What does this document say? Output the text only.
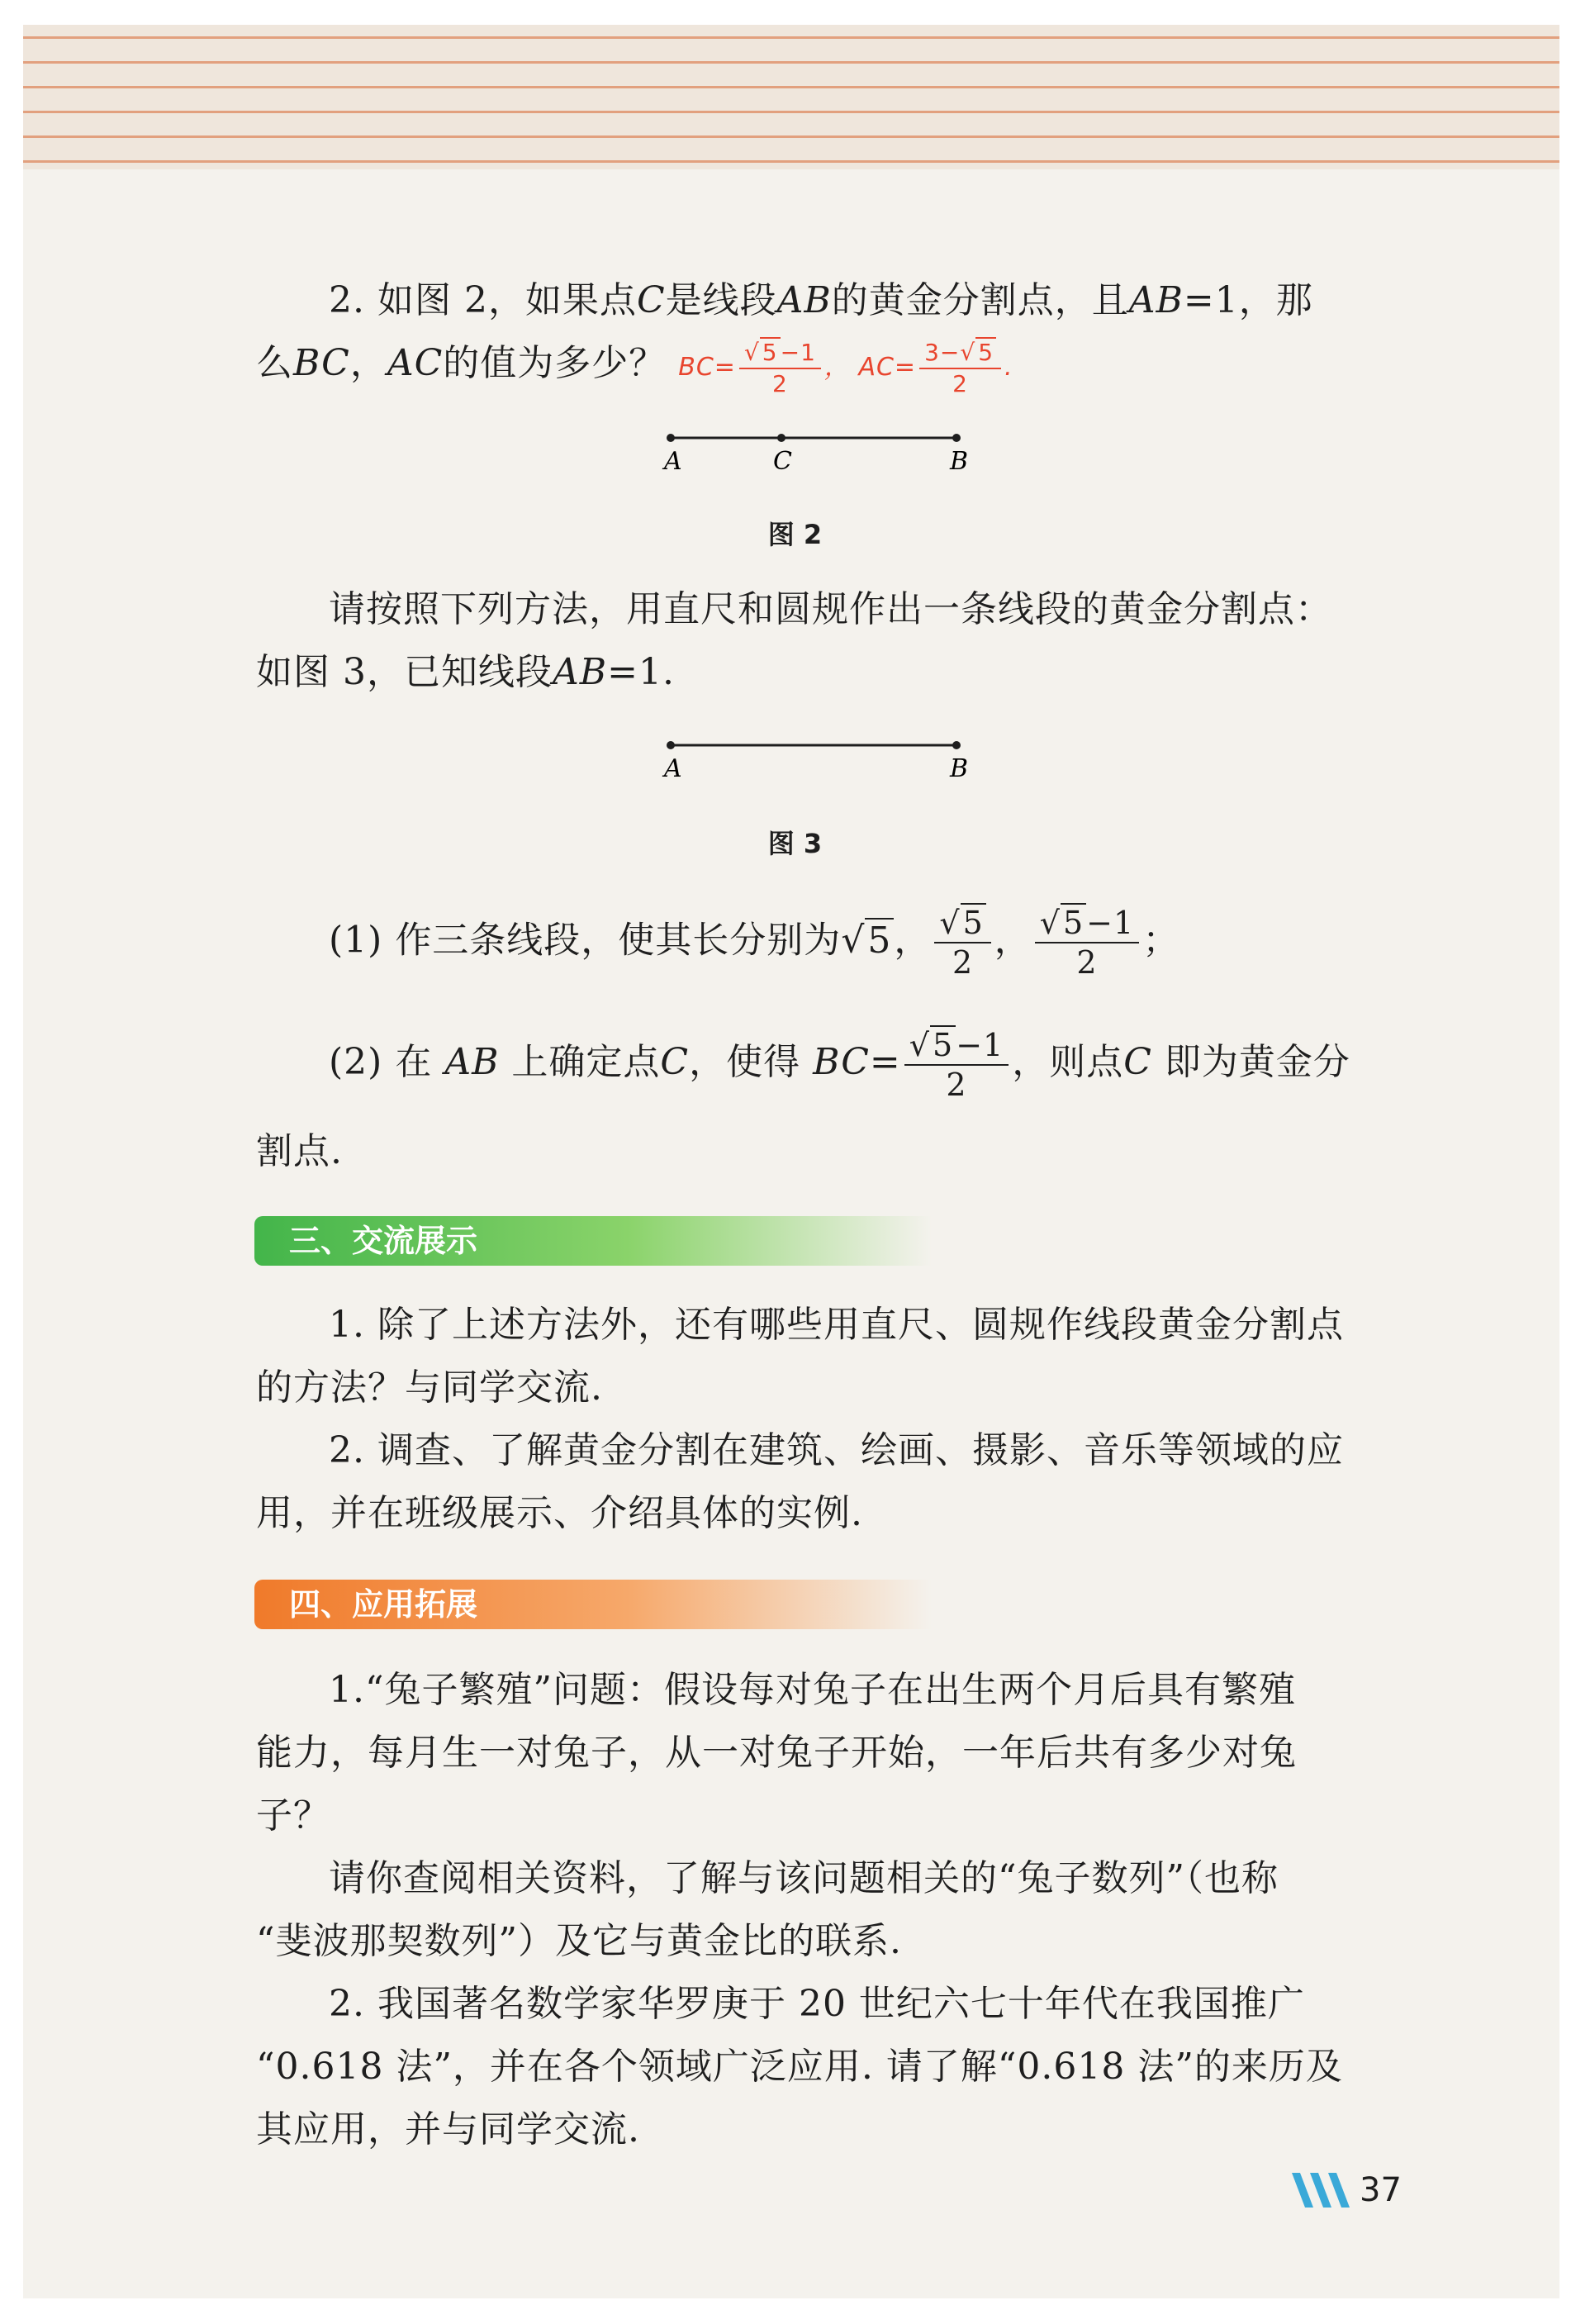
2. 如图 2，如果点C是线段AB的黄金分割点，且AB=1，那
么BC，AC的值为多少？ $BC= \frac{√ 5 -1}{2}$ ， $AC= \frac{3-√ 5}{2}$ .
A	C	B
图 2
请按照下列方法，用直尺和圆规作出一条线段的黄金分割点：
如图 3，已知线段AB=1.
A	B
图 3
(1) 作三条线段，使其长分别为√5， $\frac{√5}{2}$ ， $\frac{√5-1}{2}$ ；
(2) 在 AB 上确定点C，使得 $BC= \frac{√5-1}{2}$ ，则点C 即为黄金分
割点.
三、交流展示
1. 除了上述方法外，还有哪些用直尺、圆规作线段黄金分割点
的方法？与同学交流.
2. 调查、了解黄金分割在建筑、绘画、摄影、音乐等领域的应
用，并在班级展示、介绍具体的实例.
四、应用拓展
1.“兔子繁殖”问题：假设每对兔子在出生两个月后具有繁殖
能力，每月生一对兔子，从一对兔子开始，一年后共有多少对兔子？
请你查阅相关资料，了解与该问题相关的“兔子数列”（也称
“斐波那契数列”）及它与黄金比的联系.
2. 我国著名数学家华罗庚于 20 世纪六七十年代在我国推广
“0.618 法”，并在各个领域广泛应用. 请了解“0.618 法”的来历及
其应用，并与同学交流.
37
